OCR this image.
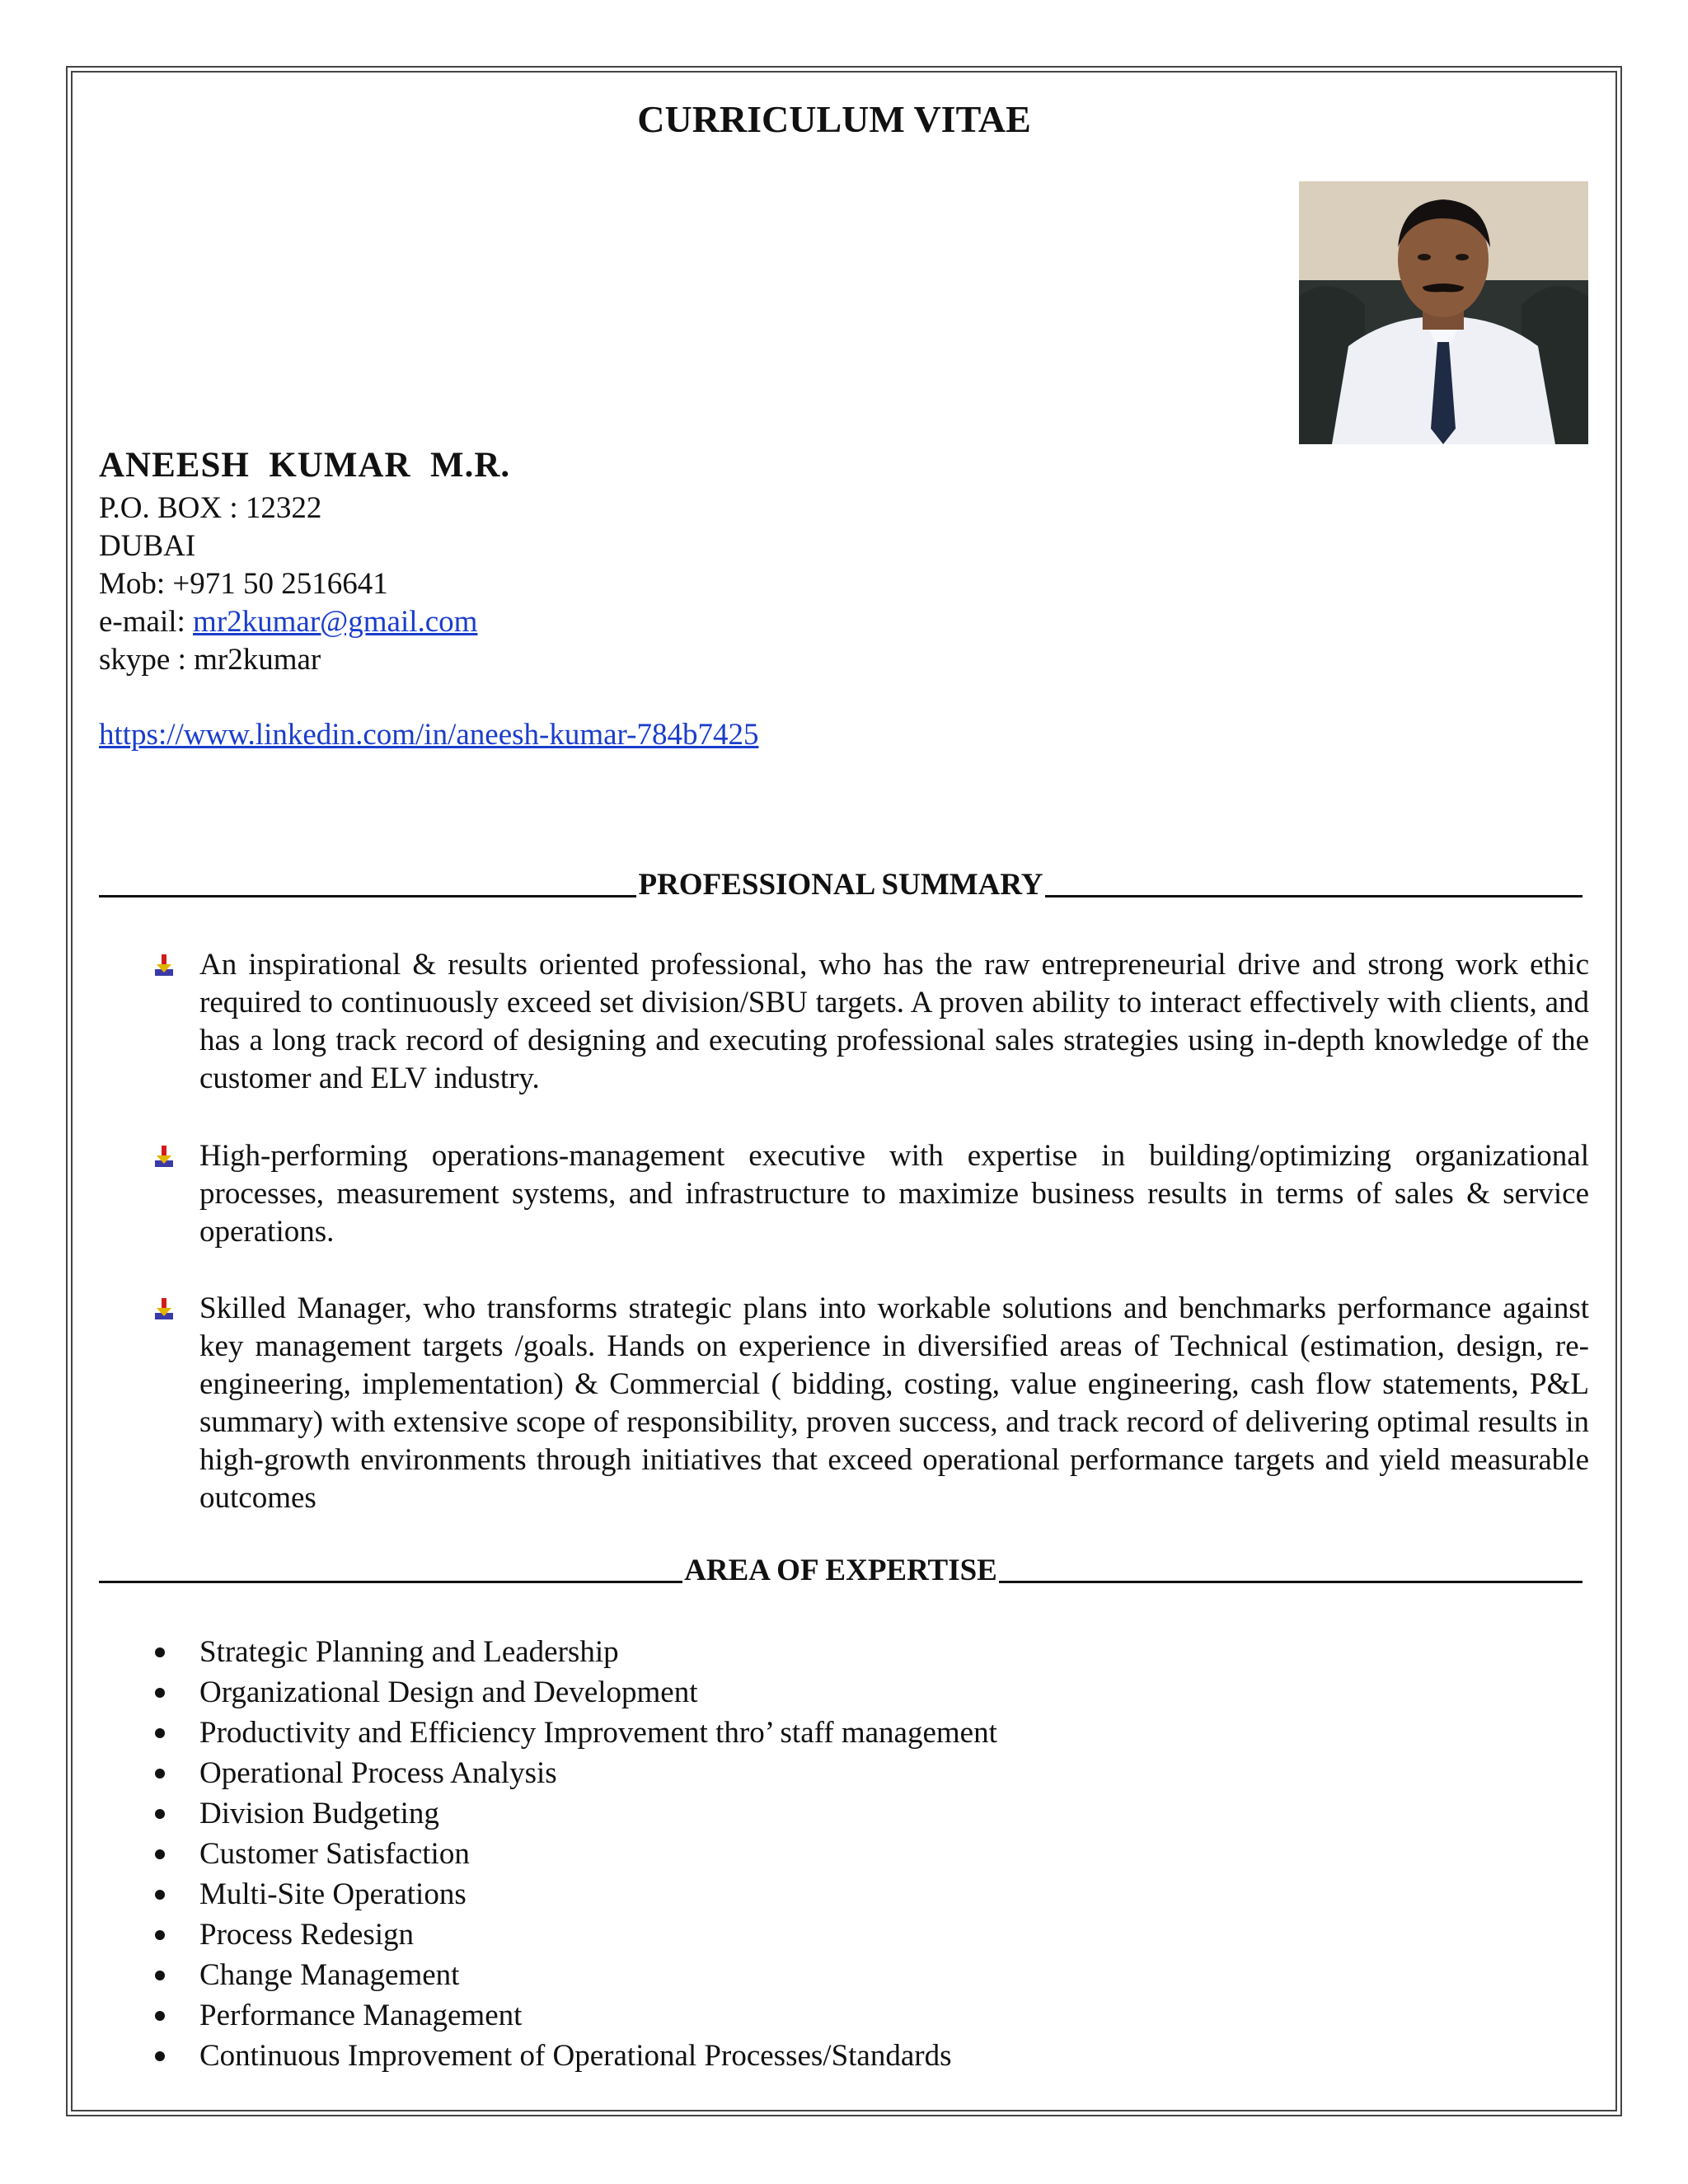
CURRICULUM VITAE
ANEESH  KUMAR  M.R.
P.O. BOX : 12322
DUBAI
Mob: +971 50 2516641
e-mail: mr2kumar@gmail.com
skype : mr2kumar
https://www.linkedin.com/in/aneesh-kumar-784b7425
PROFESSIONAL SUMMARY
An inspirational & results oriented professional, who has the raw entrepreneurial drive and strong work ethic required to continuously exceed set division/SBU targets. A proven ability to interact effectively with clients, and has a long track record of designing and executing professional sales strategies using in-depth knowledge of the customer and ELV industry.
High-performing operations-management executive with expertise in building/optimizing organizational processes, measurement systems, and infrastructure to maximize business results in terms of sales & service operations.
Skilled Manager, who transforms strategic plans into workable solutions and benchmarks performance against key management targets /goals. Hands on experience in diversified areas of Technical (estimation, design, re-engineering, implementation) & Commercial ( bidding, costing, value engineering, cash flow statements, P&L summary) with extensive scope of responsibility, proven success, and track record of delivering optimal results in high-growth environments through initiatives that exceed operational performance targets and yield measurable outcomes
AREA OF EXPERTISE
Strategic Planning and Leadership
Organizational Design and Development
Productivity and Efficiency Improvement thro’ staff management
Operational Process Analysis
Division Budgeting
Customer Satisfaction
Multi-Site Operations
Process Redesign
Change Management
Performance Management
Continuous Improvement of Operational Processes/Standards
